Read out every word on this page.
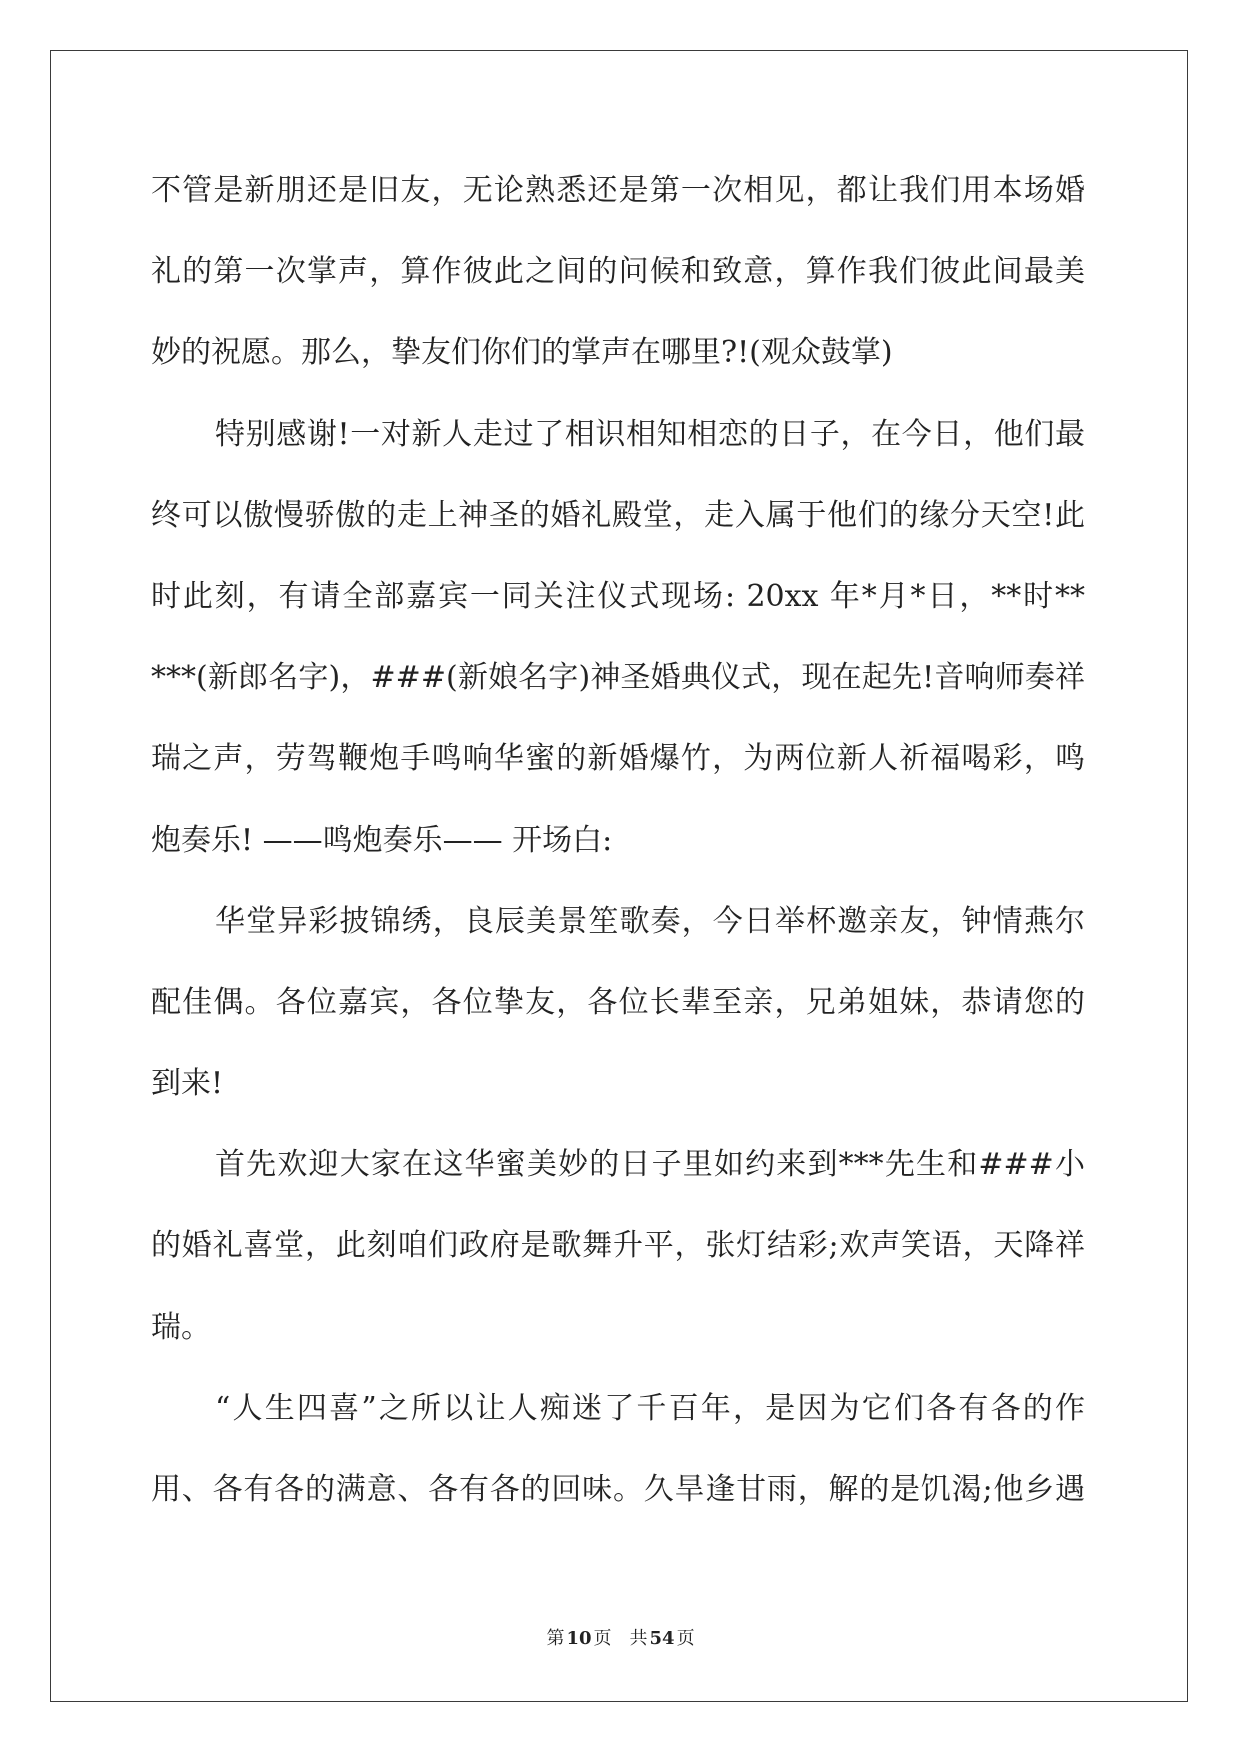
不管是新朋还是旧友，无论熟悉还是第一次相见，都让我们用本场婚
礼的第一次掌声，算作彼此之间的问候和致意，算作我们彼此间最美
妙的祝愿。那么，挚友们你们的掌声在哪里?!(观众鼓掌)
特别感谢!一对新人走过了相识相知相恋的日子，在今日，他们最
终可以傲慢骄傲的走上神圣的婚礼殿堂，走入属于他们的缘分天空!此
时此刻，有请全部嘉宾一同关注仪式现场: 20xx 年*月*日，**时**
***(新郎名字)，###(新娘名字)神圣婚典仪式，现在起先!音响师奏祥
瑞之声，劳驾鞭炮手鸣响华蜜的新婚爆竹，为两位新人祈福喝彩，鸣
炮奏乐! ——鸣炮奏乐—— 开场白:
华堂异彩披锦绣，良辰美景笙歌奏，今日举杯邀亲友，钟情燕尔
配佳偶。各位嘉宾，各位挚友，各位长辈至亲，兄弟姐妹，恭请您的
到来!
首先欢迎大家在这华蜜美妙的日子里如约来到***先生和###小
的婚礼喜堂，此刻咱们政府是歌舞升平，张灯结彩;欢声笑语，天降祥
瑞。
“人生四喜”之所以让人痴迷了千百年，是因为它们各有各的作
用、各有各的满意、各有各的回味。久旱逢甘雨，解的是饥渴;他乡遇
第 10 页 共 54 页
